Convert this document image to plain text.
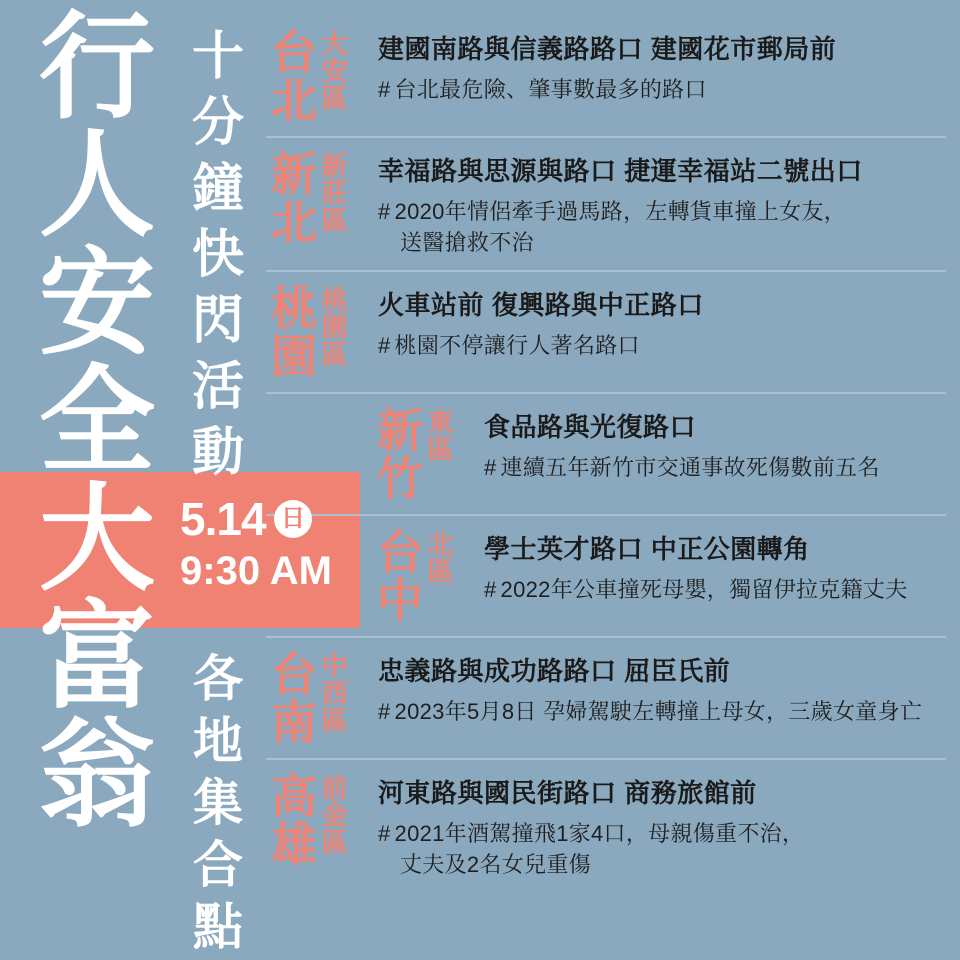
行
人
安
全
大
富
翁
十
分
鐘
快
閃
活
動
5.14 日
9:30 AM
各
地
集
合
點
台北 大安區 建國南路與信義路路口 建國花市郵局前
# 台北最危險、肇事數最多的路口
新北 新莊區 幸福路與思源與路口 捷運幸福站二號出口
# 2020年情侶牽手過馬路，左轉貨車撞上女友，
送醫搶救不治
桃園 桃園區 火車站前 復興路與中正路口
# 桃園不停讓行人著名路口
新竹 東區 食品路與光復路口
# 連續五年新竹市交通事故死傷數前五名
台中 北區 學士英才路口 中正公園轉角
# 2022年公車撞死母嬰，獨留伊拉克籍丈夫
台南 中西區 忠義路與成功路路口 屈臣氏前
# 2023年5月8日 孕婦駕駛左轉撞上母女，三歲女童身亡
高雄 前金區 河東路與國民街路口 商務旅館前
# 2021年酒駕撞飛1家4口，母親傷重不治，
丈夫及2名女兒重傷
